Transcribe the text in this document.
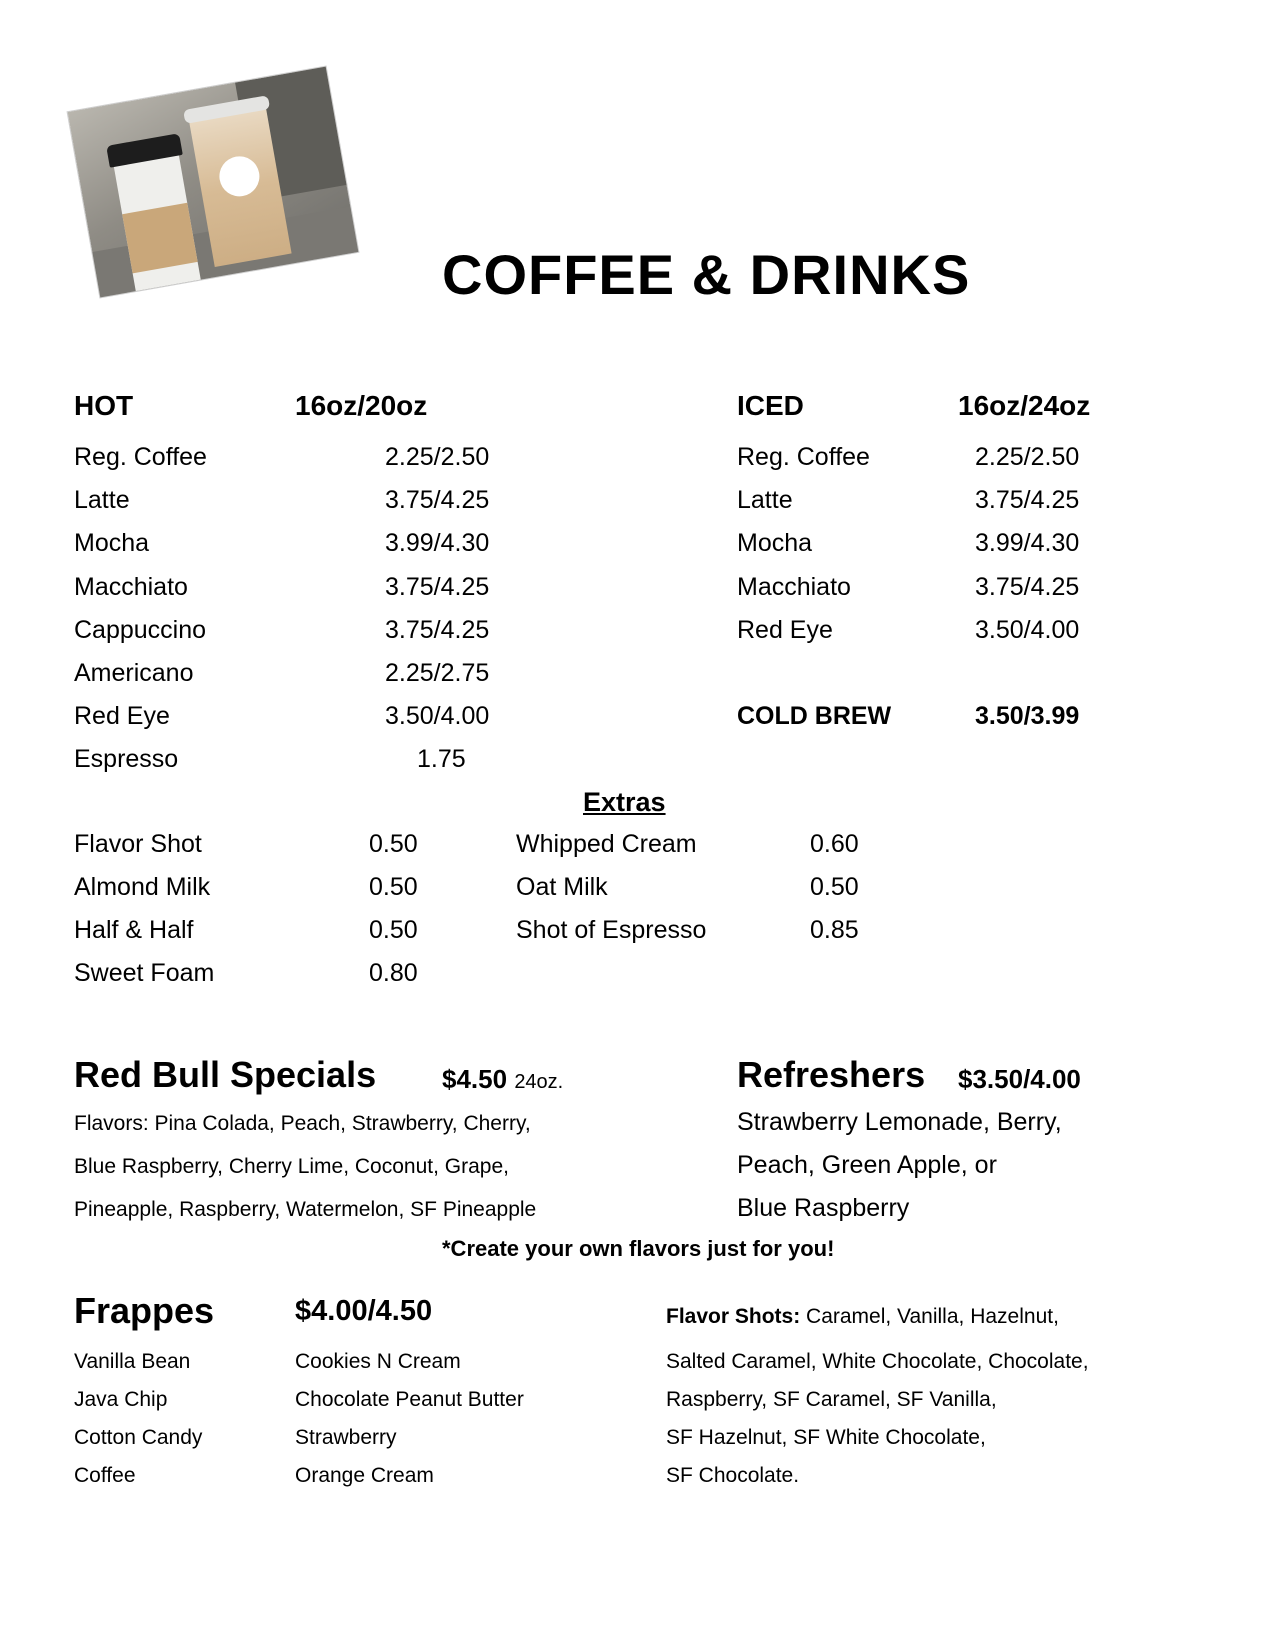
COFFEE & DRINKS
HOT	16oz/20oz	ICED	16oz/24oz
Reg. Coffee	2.25/2.50
Latte	3.75/4.25
Mocha	3.99/4.30
Macchiato	3.75/4.25
Cappuccino	3.75/4.25
Americano	2.25/2.75
Red Eye	3.50/4.00
Espresso	1.75
Reg. Coffee	2.25/2.50
Latte	3.75/4.25
Mocha	3.99/4.30
Macchiato	3.75/4.25
Red Eye	3.50/4.00
COLD BREW	3.50/3.99
Extras
Flavor Shot	0.50
Almond Milk	0.50
Half & Half	0.50
Sweet Foam	0.80
Whipped Cream	0.60
Oat Milk	0.50
Shot of Espresso	0.85
Red Bull Specials	$4.50 24oz.
Flavors: Pina Colada, Peach, Strawberry, Cherry,
Blue Raspberry, Cherry Lime, Coconut, Grape,
Pineapple, Raspberry, Watermelon, SF Pineapple
Refreshers $3.50/4.00
Strawberry Lemonade, Berry,
Peach, Green Apple, or
Blue Raspberry
*Create your own flavors just for you!
Frappes	$4.00/4.50
Vanilla Bean
Java Chip
Cotton Candy
Coffee
Cookies N Cream
Chocolate Peanut Butter
Strawberry
Orange Cream
Flavor Shots: Caramel, Vanilla, Hazelnut,
Salted Caramel, White Chocolate, Chocolate,
Raspberry, SF Caramel, SF Vanilla,
SF Hazelnut, SF White Chocolate,
SF Chocolate.
